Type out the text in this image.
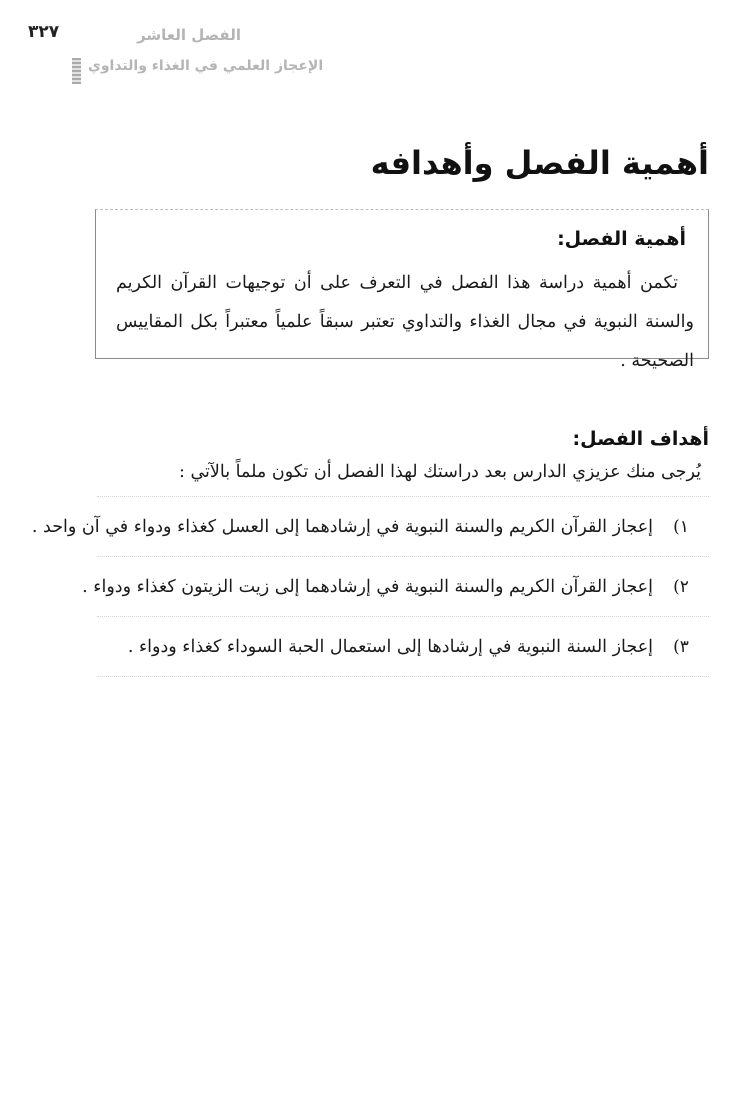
٣٢٧	الفصل العاشر
الإعجاز العلمي في الغذاء والتداوي
أهمية الفصل وأهدافه
أهمية الفصل:

تكمن أهمية دراسة هذا الفصل في التعرف على أن توجيهات القرآن الكريم والسنة النبوية في مجال الغذاء والتداوي تعتبر سبقاً علمياً معتبراً بكل المقاييس الصحيحة .

أهداف الفصل:

يُرجى منك عزيزي الدارس بعد دراستك لهذا الفصل أن تكون ملماً بالآتي :

١)
إعجاز القرآن الكريم والسنة النبوية في إرشادهما إلى العسل كغذاء ودواء في آن واحد .
٢)
إعجاز القرآن الكريم والسنة النبوية في إرشادهما إلى زيت الزيتون كغذاء ودواء .
٣)
إعجاز السنة النبوية في إرشادها إلى استعمال الحبة السوداء كغذاء ودواء .
